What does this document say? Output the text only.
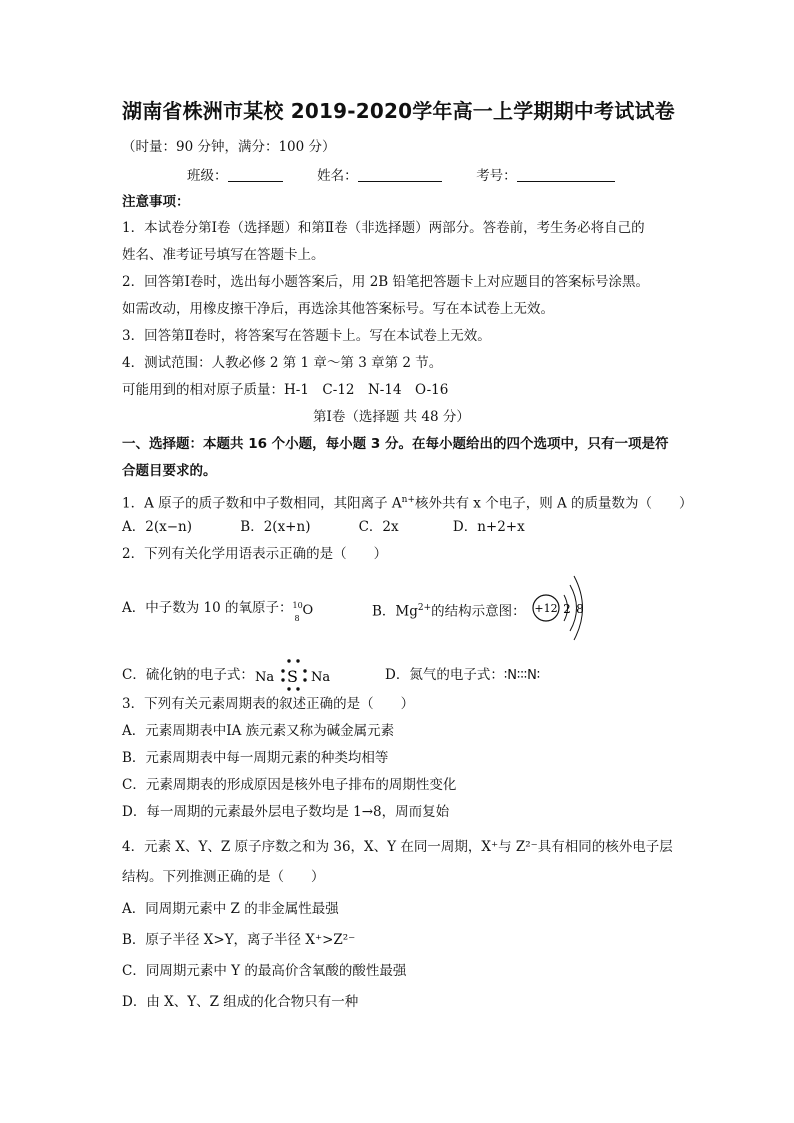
湖南省株洲市某校 2019-2020学年高一上学期期中考试试卷
（时量：90 分钟，满分：100 分）
班级：	姓名：	考号：
注意事项：
1．本试卷分第Ⅰ卷（选择题）和第Ⅱ卷（非选择题）两部分。答卷前，考生务必将自己的
姓名、准考证号填写在答题卡上。
2．回答第Ⅰ卷时，选出每小题答案后，用 2B 铅笔把答题卡上对应题目的答案标号涂黑。
如需改动，用橡皮擦干净后，再选涂其他答案标号。写在本试卷上无效。
3．回答第Ⅱ卷时，将答案写在答题卡上。写在本试卷上无效。
4．测试范围：人教必修 2 第 1 章～第 3 章第 2 节。
可能用到的相对原子质量：H-1　C-12　N-14　O-16
第Ⅰ卷（选择题 共 48 分）
一、选择题：本题共 16 个小题，每小题 3 分。在每小题给出的四个选项中，只有一项是符
合题目要求的。
1．A 原子的质子数和中子数相同，其阳离子 $A^{n+}$核外共有 x 个电子，则 A 的质量数为（　　）
A．2(x−n)	B．2(x+n)	C．2x	D．n+2+x
2．下列有关化学用语表示正确的是（　　）
A．中子数为 10 的氧原子： 10
8
O	B．$Mg^{2+}$的结构示意图： +12 2 8
C．硫化钠的电子式： Na S Na	D．氮气的电子式：∶N∶∶∶N∶
3．下列有关元素周期表的叙述正确的是（　　）
A．元素周期表中ⅠA 族元素又称为碱金属元素
B．元素周期表中每一周期元素的种类均相等
C．元素周期表的形成原因是核外电子排布的周期性变化
D．每一周期的元素最外层电子数均是 1→8，周而复始
4．元素 X、Y、Z 原子序数之和为 36，X、Y 在同一周期，X⁺与 Z²⁻具有相同的核外电子层
结构。下列推测正确的是（　　）
A．同周期元素中 Z 的非金属性最强
B．原子半径 X>Y，离子半径 X⁺>Z²⁻
C．同周期元素中 Y 的最高价含氧酸的酸性最强
D．由 X、Y、Z 组成的化合物只有一种
